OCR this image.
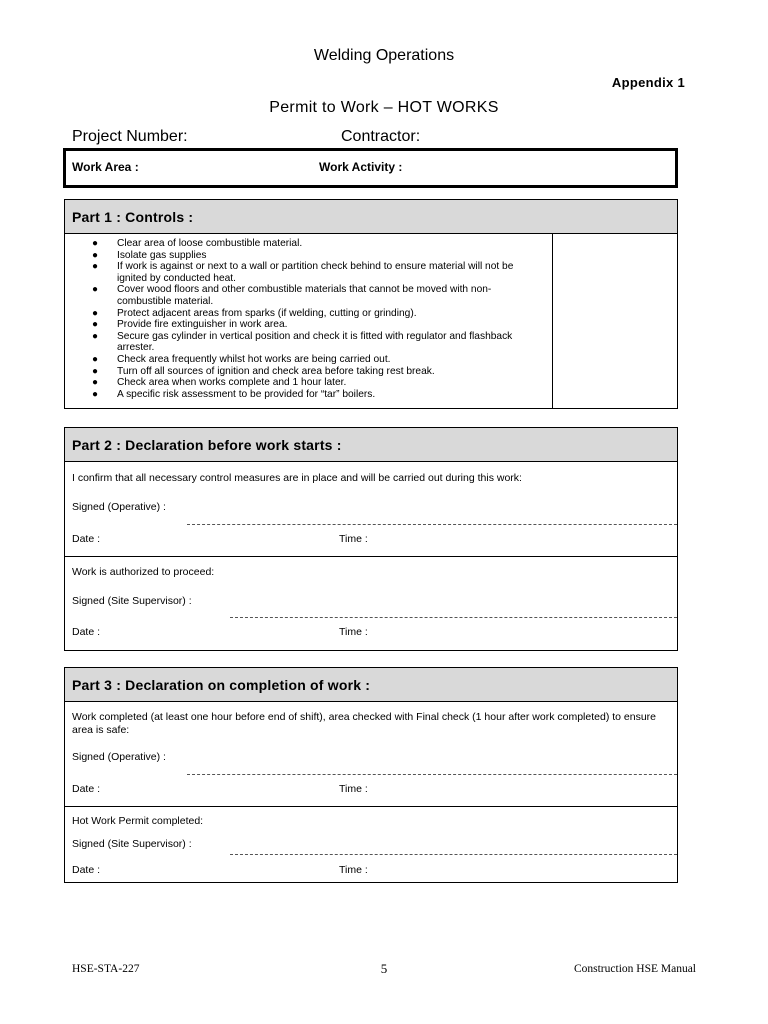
Welding Operations
Appendix 1
Permit to Work – HOT WORKS
Project Number:	Contractor:
Work Area :	Work Activity :
Part 1 : Controls :
● Clear area of loose combustible material.
● Isolate gas supplies
● If work is against or next to a wall or partition check behind to ensure material will not be ignited by conducted heat.
● Cover wood floors and other combustible materials that cannot be moved with non-combustible material.
● Protect adjacent areas from sparks (if welding, cutting or grinding).
● Provide fire extinguisher in work area.
● Secure gas cylinder in vertical position and check it is fitted with regulator and flashback arrester.
● Check area frequently whilst hot works are being carried out.
● Turn off all sources of ignition and check area before taking rest break.
● Check area when works complete and 1 hour later.
● A specific risk assessment to be provided for “tar” boilers.
Part 2 : Declaration before work starts :
I confirm that all necessary control measures are in place and will be carried out during this work:
Signed (Operative) :
Date :	Time :
Work is authorized to proceed:
Signed (Site Supervisor) :
Date :	Time :
Part 3 : Declaration on completion of work :
Work completed (at least one hour before end of shift), area checked with Final check (1 hour after work completed) to ensure area is safe:
Signed (Operative) :
Date :	Time :
Hot Work Permit completed:
Signed (Site Supervisor) :
Date :	Time :
HSE-STA-227	5	Construction HSE Manual
